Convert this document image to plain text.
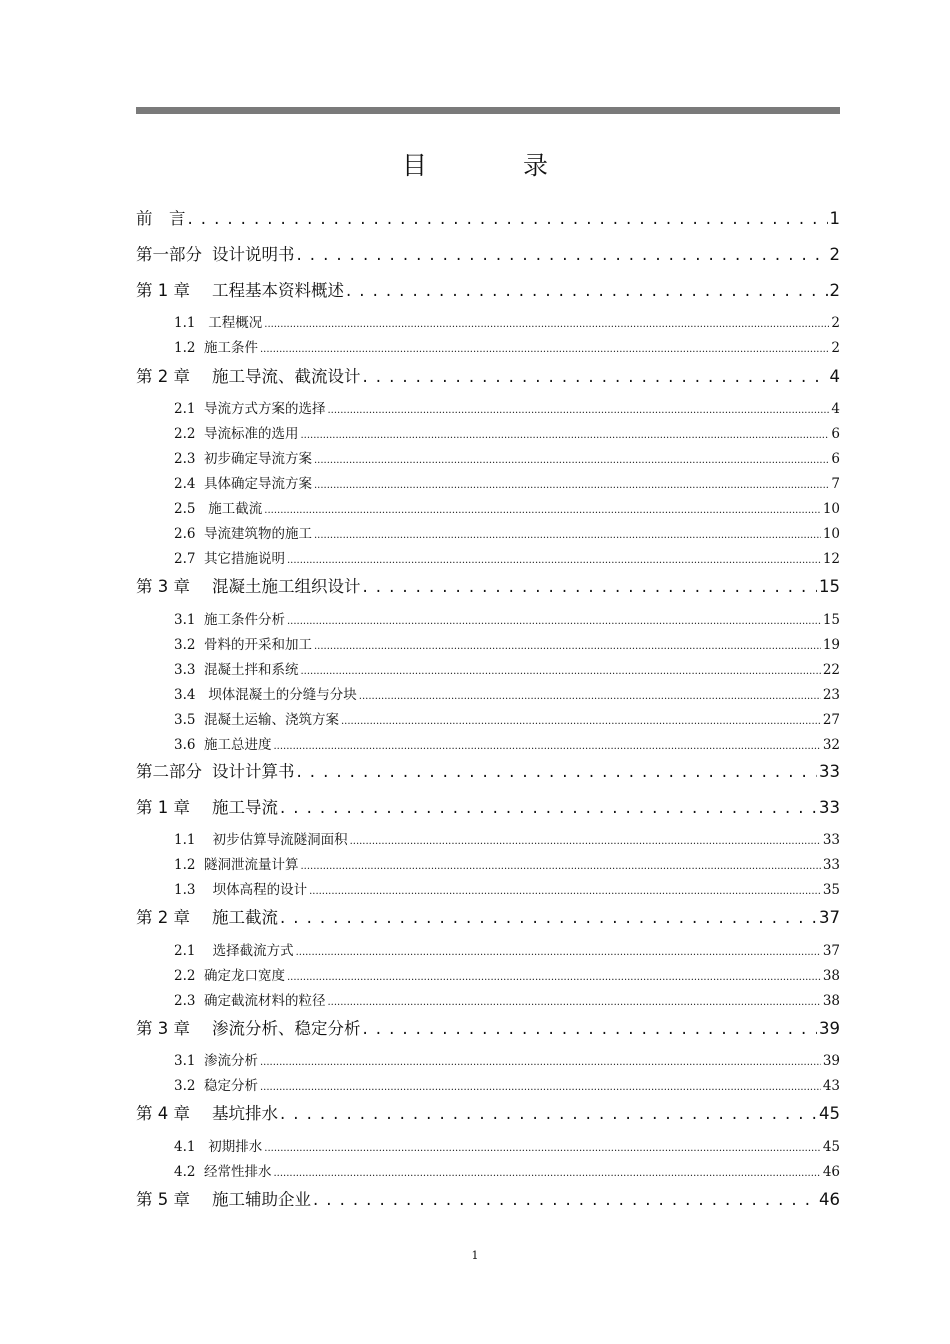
目 录
前　言 . . .	1
第一部分 设计说明书 . . .	2
第 1 章	工程基本资料概述 . . .	2
1.1 工程概况 .....	2
1.2 施工条件 .....	2
第 2 章	施工导流、截流设计 . . .	4
2.1 导流方式方案的选择 .....	4
2.2 导流标准的选用 .....	6
2.3 初步确定导流方案 .....	6
2.4 具体确定导流方案 .....	7
2.5 施工截流 .....	10
2.6 导流建筑物的施工 .....	10
2.7 其它措施说明 .....	12
第 3 章	混凝土施工组织设计 . . .	15
3.1 施工条件分析 .....	15
3.2 骨料的开采和加工 .....	19
3.3 混凝土拌和系统 .....	22
3.4 坝体混凝土的分缝与分块 .....	23
3.5 混凝土运输、浇筑方案 .....	27
3.6 施工总进度 .....	32
第二部分 设计计算书 . . .	33
第 1 章	施工导流 . . .	33
1.1 初步估算导流隧洞面积 .....	33
1.2 隧洞泄流量计算 .....	33
1.3 坝体高程的设计 .....	35
第 2 章	施工截流 . . .	37
2.1 选择截流方式 .....	37
2.2 确定龙口宽度 .....	38
2.3 确定截流材料的粒径 .....	38
第 3 章	渗流分析、稳定分析 . . .	39
3.1 渗流分析 .....	39
3.2 稳定分析 .....	43
第 4 章	基坑排水 . . .	45
4.1 初期排水 .....	45
4.2 经常性排水 .....	46
第 5 章	施工辅助企业 . . .	46
1
